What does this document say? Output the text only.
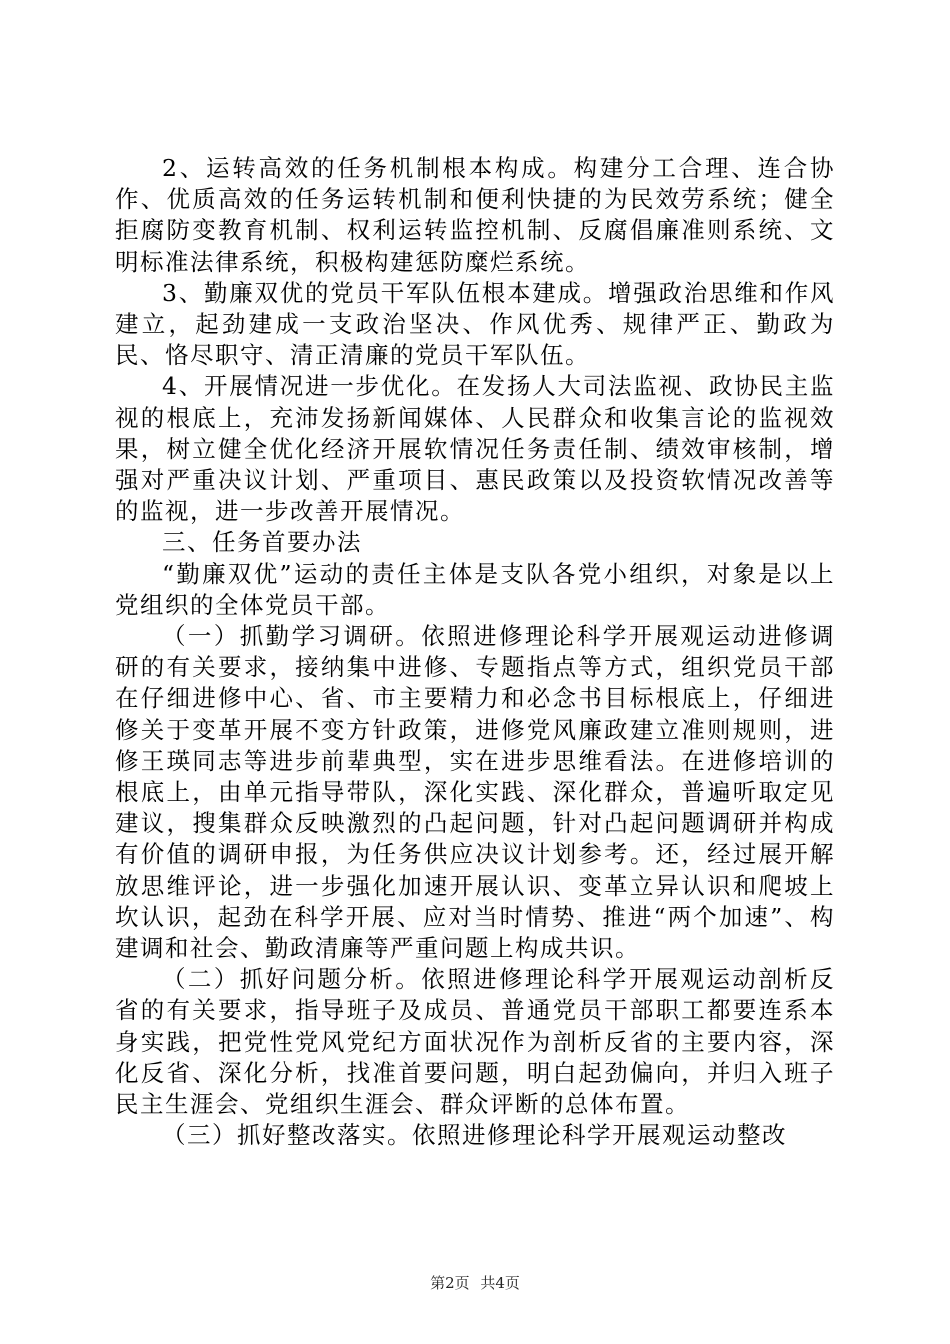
2、运转高效的任务机制根本构成。构建分工合理、连合协作、优质高效的任务运转机制和便利快捷的为民效劳系统；健全拒腐防变教育机制、权利运转监控机制、反腐倡廉准则系统、文明标准法律系统，积极构建惩防糜烂系统。

3、勤廉双优的党员干军队伍根本建成。增强政治思维和作风建立，起劲建成一支政治坚决、作风优秀、规律严正、勤政为民、恪尽职守、清正清廉的党员干军队伍。

4、开展情况进一步优化。在发扬人大司法监视、政协民主监视的根底上，充沛发扬新闻媒体、人民群众和收集言论的监视效果，树立健全优化经济开展软情况任务责任制、绩效审核制，增强对严重决议计划、严重项目、惠民政策以及投资软情况改善等的监视，进一步改善开展情况。

三、任务首要办法

“勤廉双优”运动的责任主体是支队各党小组织，对象是以上党组织的全体党员干部。

（一）抓勤学习调研。依照进修理论科学开展观运动进修调研的有关要求，接纳集中进修、专题指点等方式，组织党员干部在仔细进修中心、省、市主要精力和必念书目标根底上，仔细进修关于变革开展不变方针政策，进修党风廉政建立准则规则，进修王瑛同志等进步前辈典型，实在进步思维看法。在进修培训的根底上，由单元指导带队，深化实践、深化群众，普遍听取定见建议，搜集群众反映激烈的凸起问题，针对凸起问题调研并构成有价值的调研申报，为任务供应决议计划参考。还，经过展开解放思维评论，进一步强化加速开展认识、变革立异认识和爬坡上坎认识，起劲在科学开展、应对当时情势、推进“两个加速”、构建调和社会、勤政清廉等严重问题上构成共识。

（二）抓好问题分析。依照进修理论科学开展观运动剖析反省的有关要求，指导班子及成员、普通党员干部职工都要连系本身实践，把党性党风党纪方面状况作为剖析反省的主要内容，深化反省、深化分析，找准首要问题，明白起劲偏向，并归入班子民主生涯会、党组织生涯会、群众评断的总体布置。

（三）抓好整改落实。依照进修理论科学开展观运动整改

第2页 共4页
